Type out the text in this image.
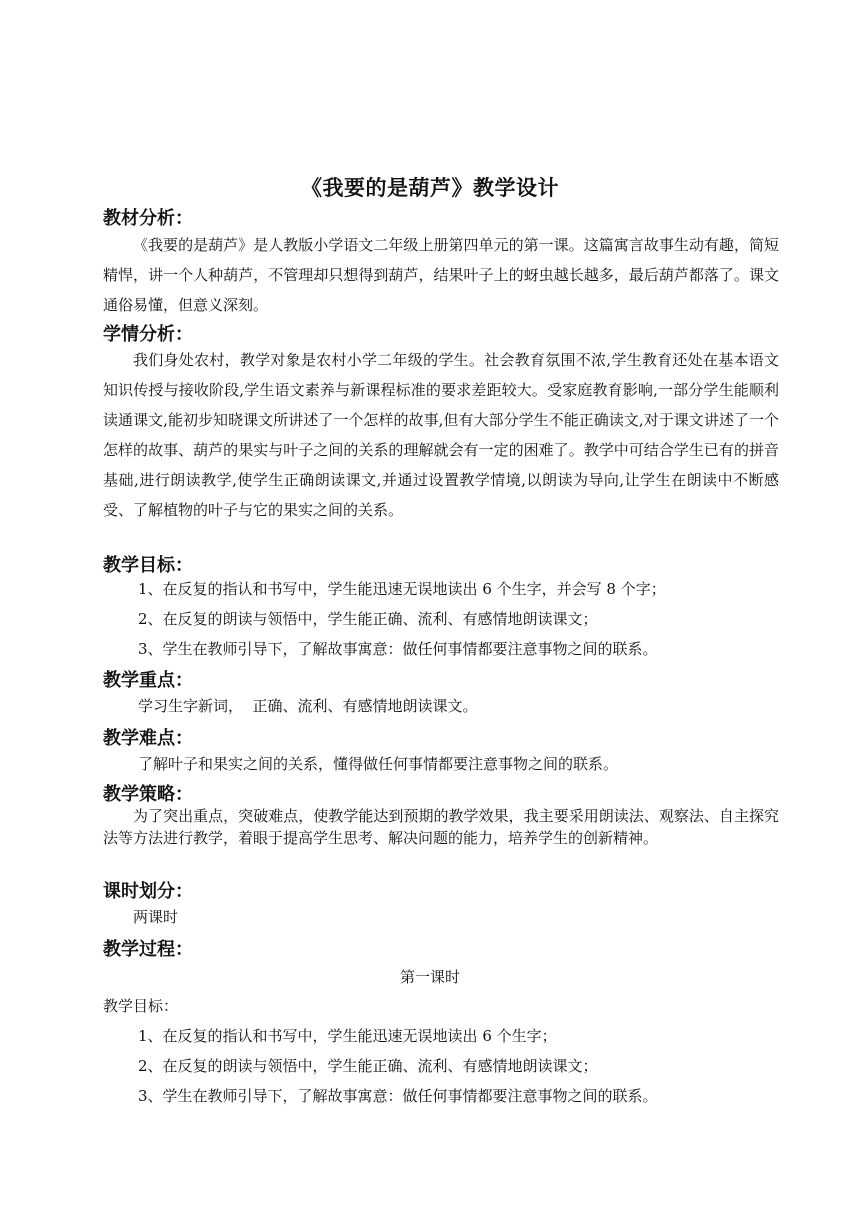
《我要的是葫芦》教学设计
教材分析：
《我要的是葫芦》是人教版小学语文二年级上册第四单元的第一课。这篇寓言故事生动有趣，简短精悍，讲一个人种葫芦，不管理却只想得到葫芦，结果叶子上的蚜虫越长越多，最后葫芦都落了。课文通俗易懂，但意义深刻。
学情分析：
我们身处农村，教学对象是农村小学二年级的学生。社会教育氛围不浓,学生教育还处在基本语文知识传授与接收阶段,学生语文素养与新课程标准的要求差距较大。受家庭教育影响,一部分学生能顺利读通课文,能初步知晓课文所讲述了一个怎样的故事,但有大部分学生不能正确读文,对于课文讲述了一个怎样的故事、葫芦的果实与叶子之间的关系的理解就会有一定的困难了。教学中可结合学生已有的拼音基础,进行朗读教学,使学生正确朗读课文,并通过设置教学情境,以朗读为导向,让学生在朗读中不断感受、了解植物的叶子与它的果实之间的关系。
教学目标：
1、在反复的指认和书写中，学生能迅速无误地读出 6 个生字，并会写 8 个字；
2、在反复的朗读与领悟中，学生能正确、流利、有感情地朗读课文；
3、学生在教师引导下，了解故事寓意：做任何事情都要注意事物之间的联系。
教学重点：
学习生字新词，  正确、流利、有感情地朗读课文。
教学难点：
了解叶子和果实之间的关系，懂得做任何事情都要注意事物之间的联系。
教学策略：
为了突出重点，突破难点，使教学能达到预期的教学效果，我主要采用朗读法、观察法、自主探究法等方法进行教学，着眼于提高学生思考、解决问题的能力，培养学生的创新精神。
课时划分：
两课时
教学过程：
第一课时
教学目标：
1、在反复的指认和书写中，学生能迅速无误地读出 6 个生字；
2、在反复的朗读与领悟中，学生能正确、流利、有感情地朗读课文；
3、学生在教师引导下，了解故事寓意：做任何事情都要注意事物之间的联系。
